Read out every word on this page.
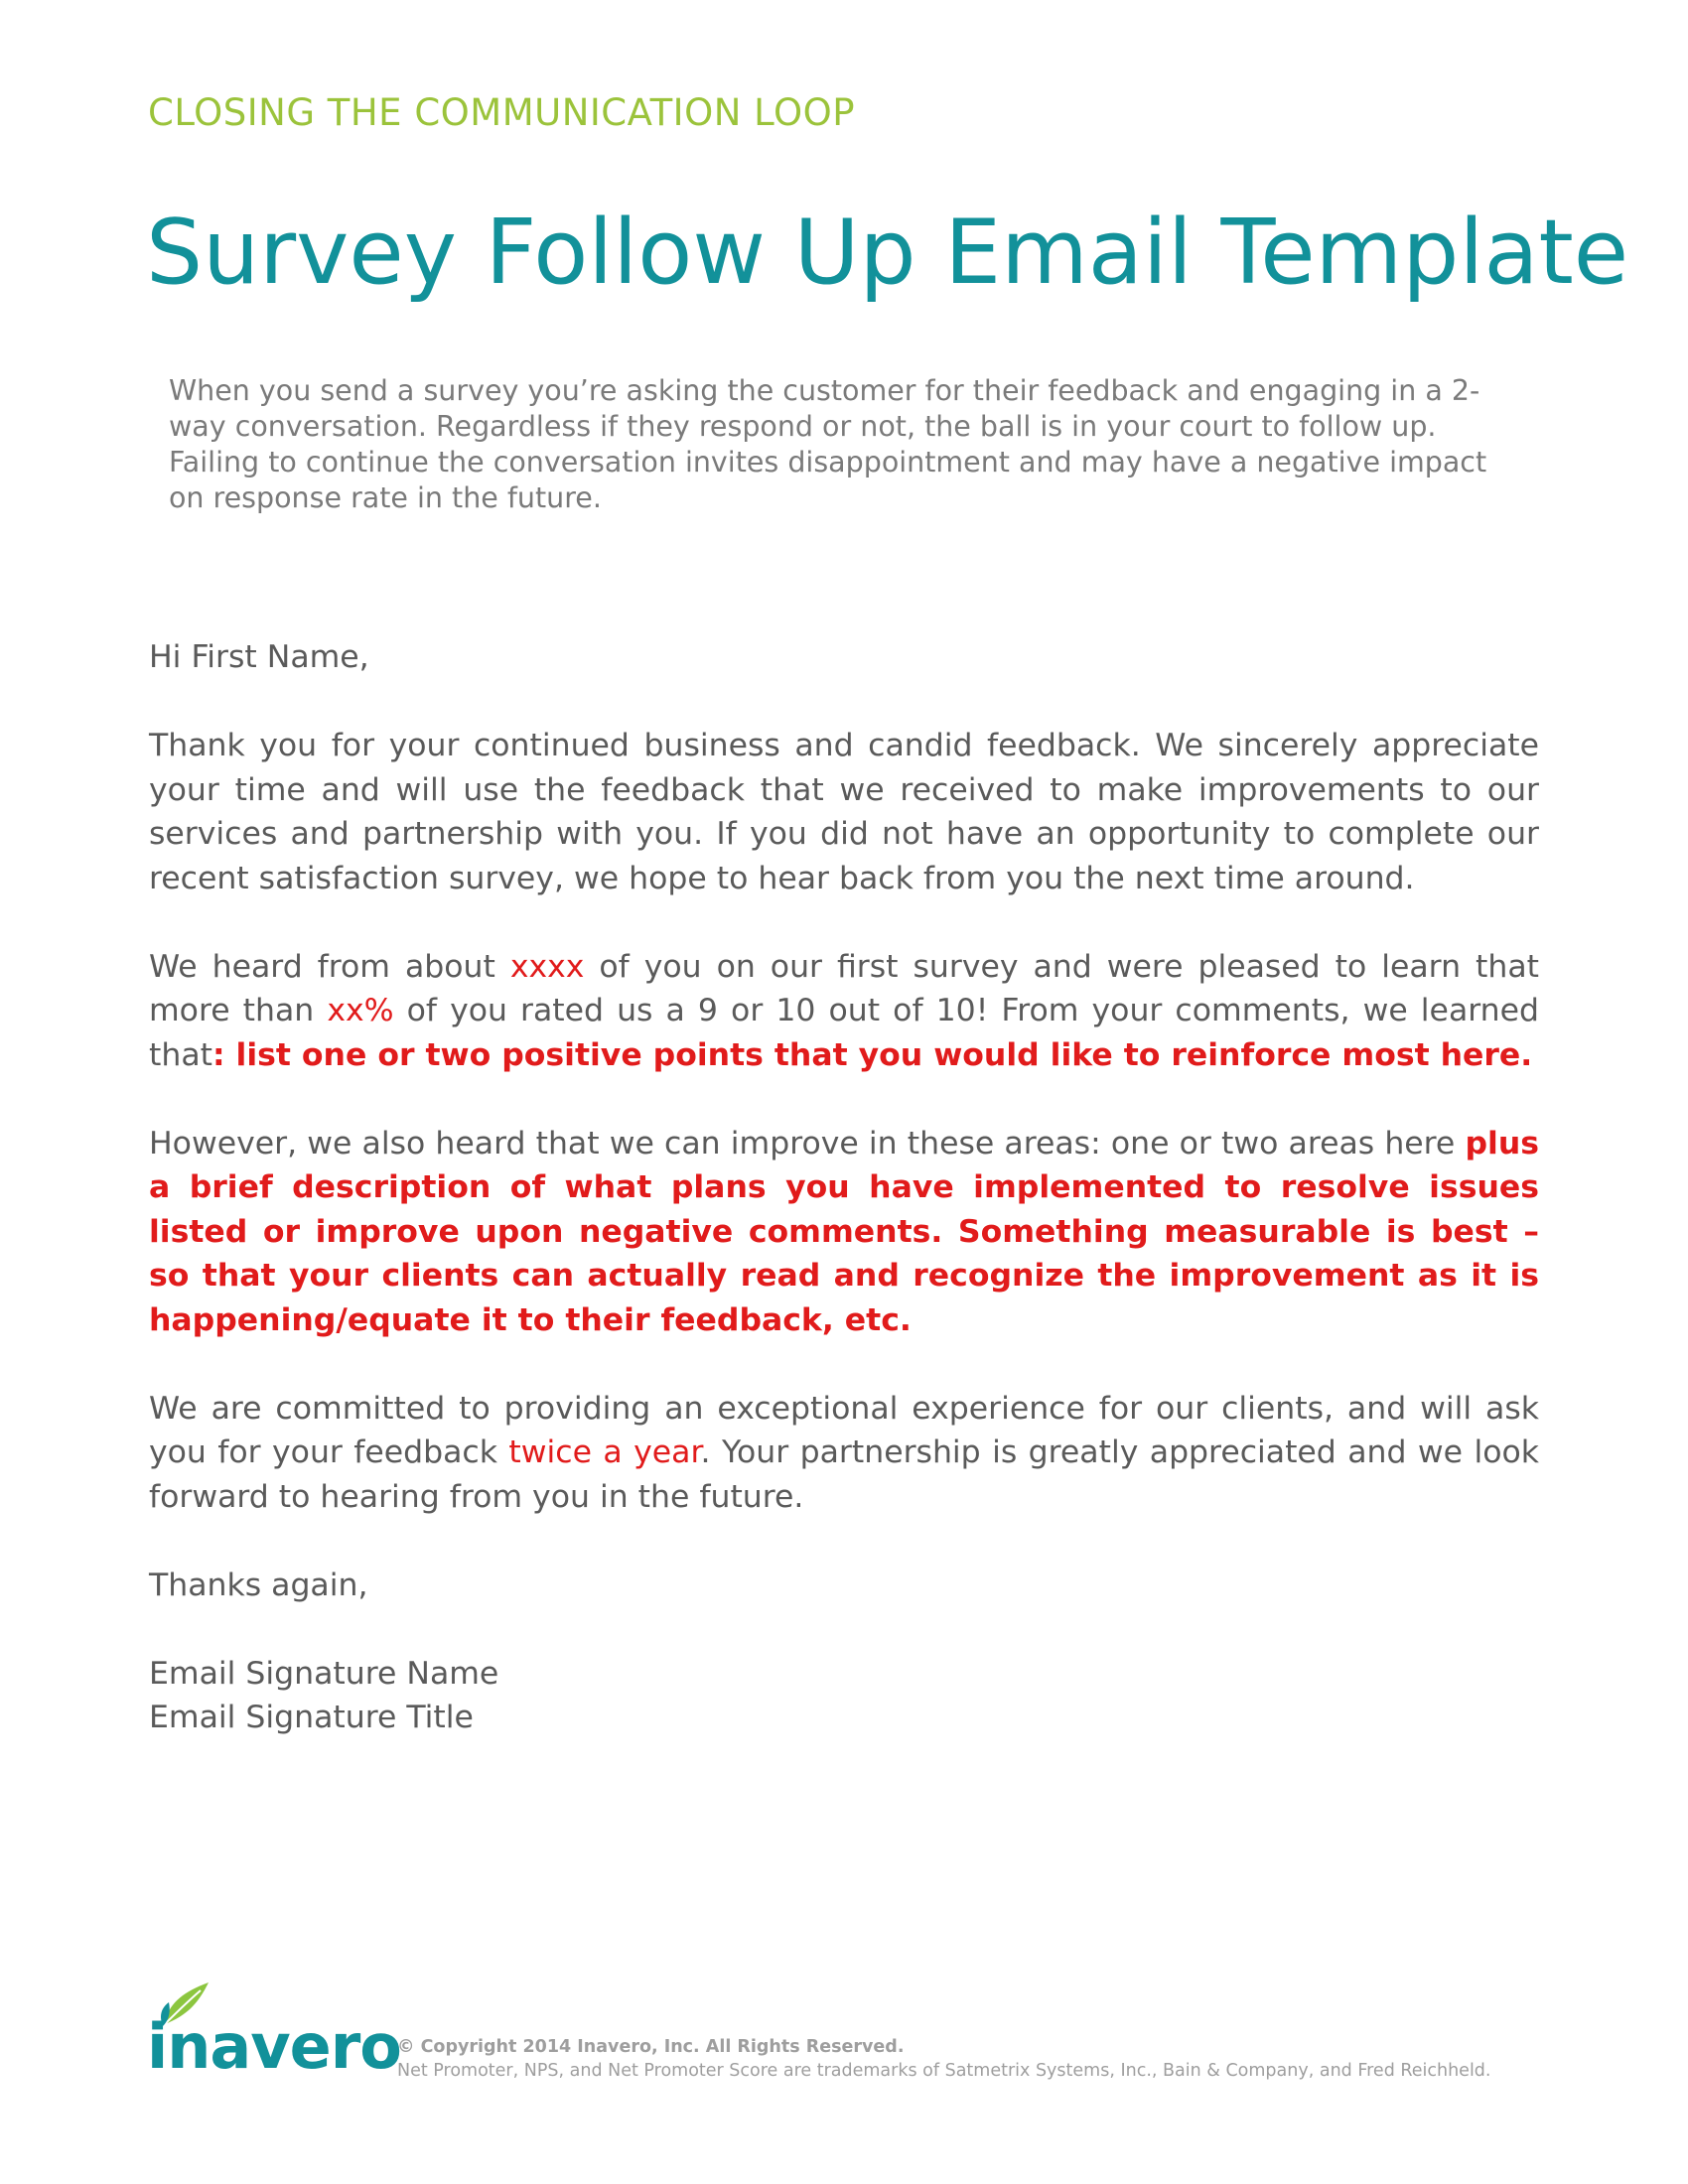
CLOSING THE COMMUNICATION LOOP
Survey Follow Up Email Template

When you send a survey you’re asking the customer for their feedback and engaging in a 2-way conversation. Regardless if they respond or not, the ball is in your court to follow up. Failing to continue the conversation invites disappointment and may have a negative impact on response rate in the future.

Hi First Name,

Thank you for your continued business and candid feedback. We sincerely appreciate your time and will use the feedback that we received to make improvements to our services and partnership with you. If you did not have an opportunity to complete our recent satisfaction survey, we hope to hear back from you the next time around.

We heard from about xxxx of you on our first survey and were pleased to learn that more than xx% of you rated us a 9 or 10 out of 10! From your comments, we learned that: list one or two positive points that you would like to reinforce most here.

However, we also heard that we can improve in these areas: one or two areas here plus a brief description of what plans you have implemented to resolve issues listed or improve upon negative comments. Something measurable is best – so that your clients can actually read and recognize the improvement as it is happening/equate it to their feedback, etc.

We are committed to providing an exceptional experience for our clients, and will ask you for your feedback twice a year. Your partnership is greatly appreciated and we look forward to hearing from you in the future.

Thanks again,

Email Signature Name

Email Signature Title

inavero
© Copyright 2014 Inavero, Inc. All Rights Reserved.
Net Promoter, NPS, and Net Promoter Score are trademarks of Satmetrix Systems, Inc., Bain & Company, and Fred Reichheld.
